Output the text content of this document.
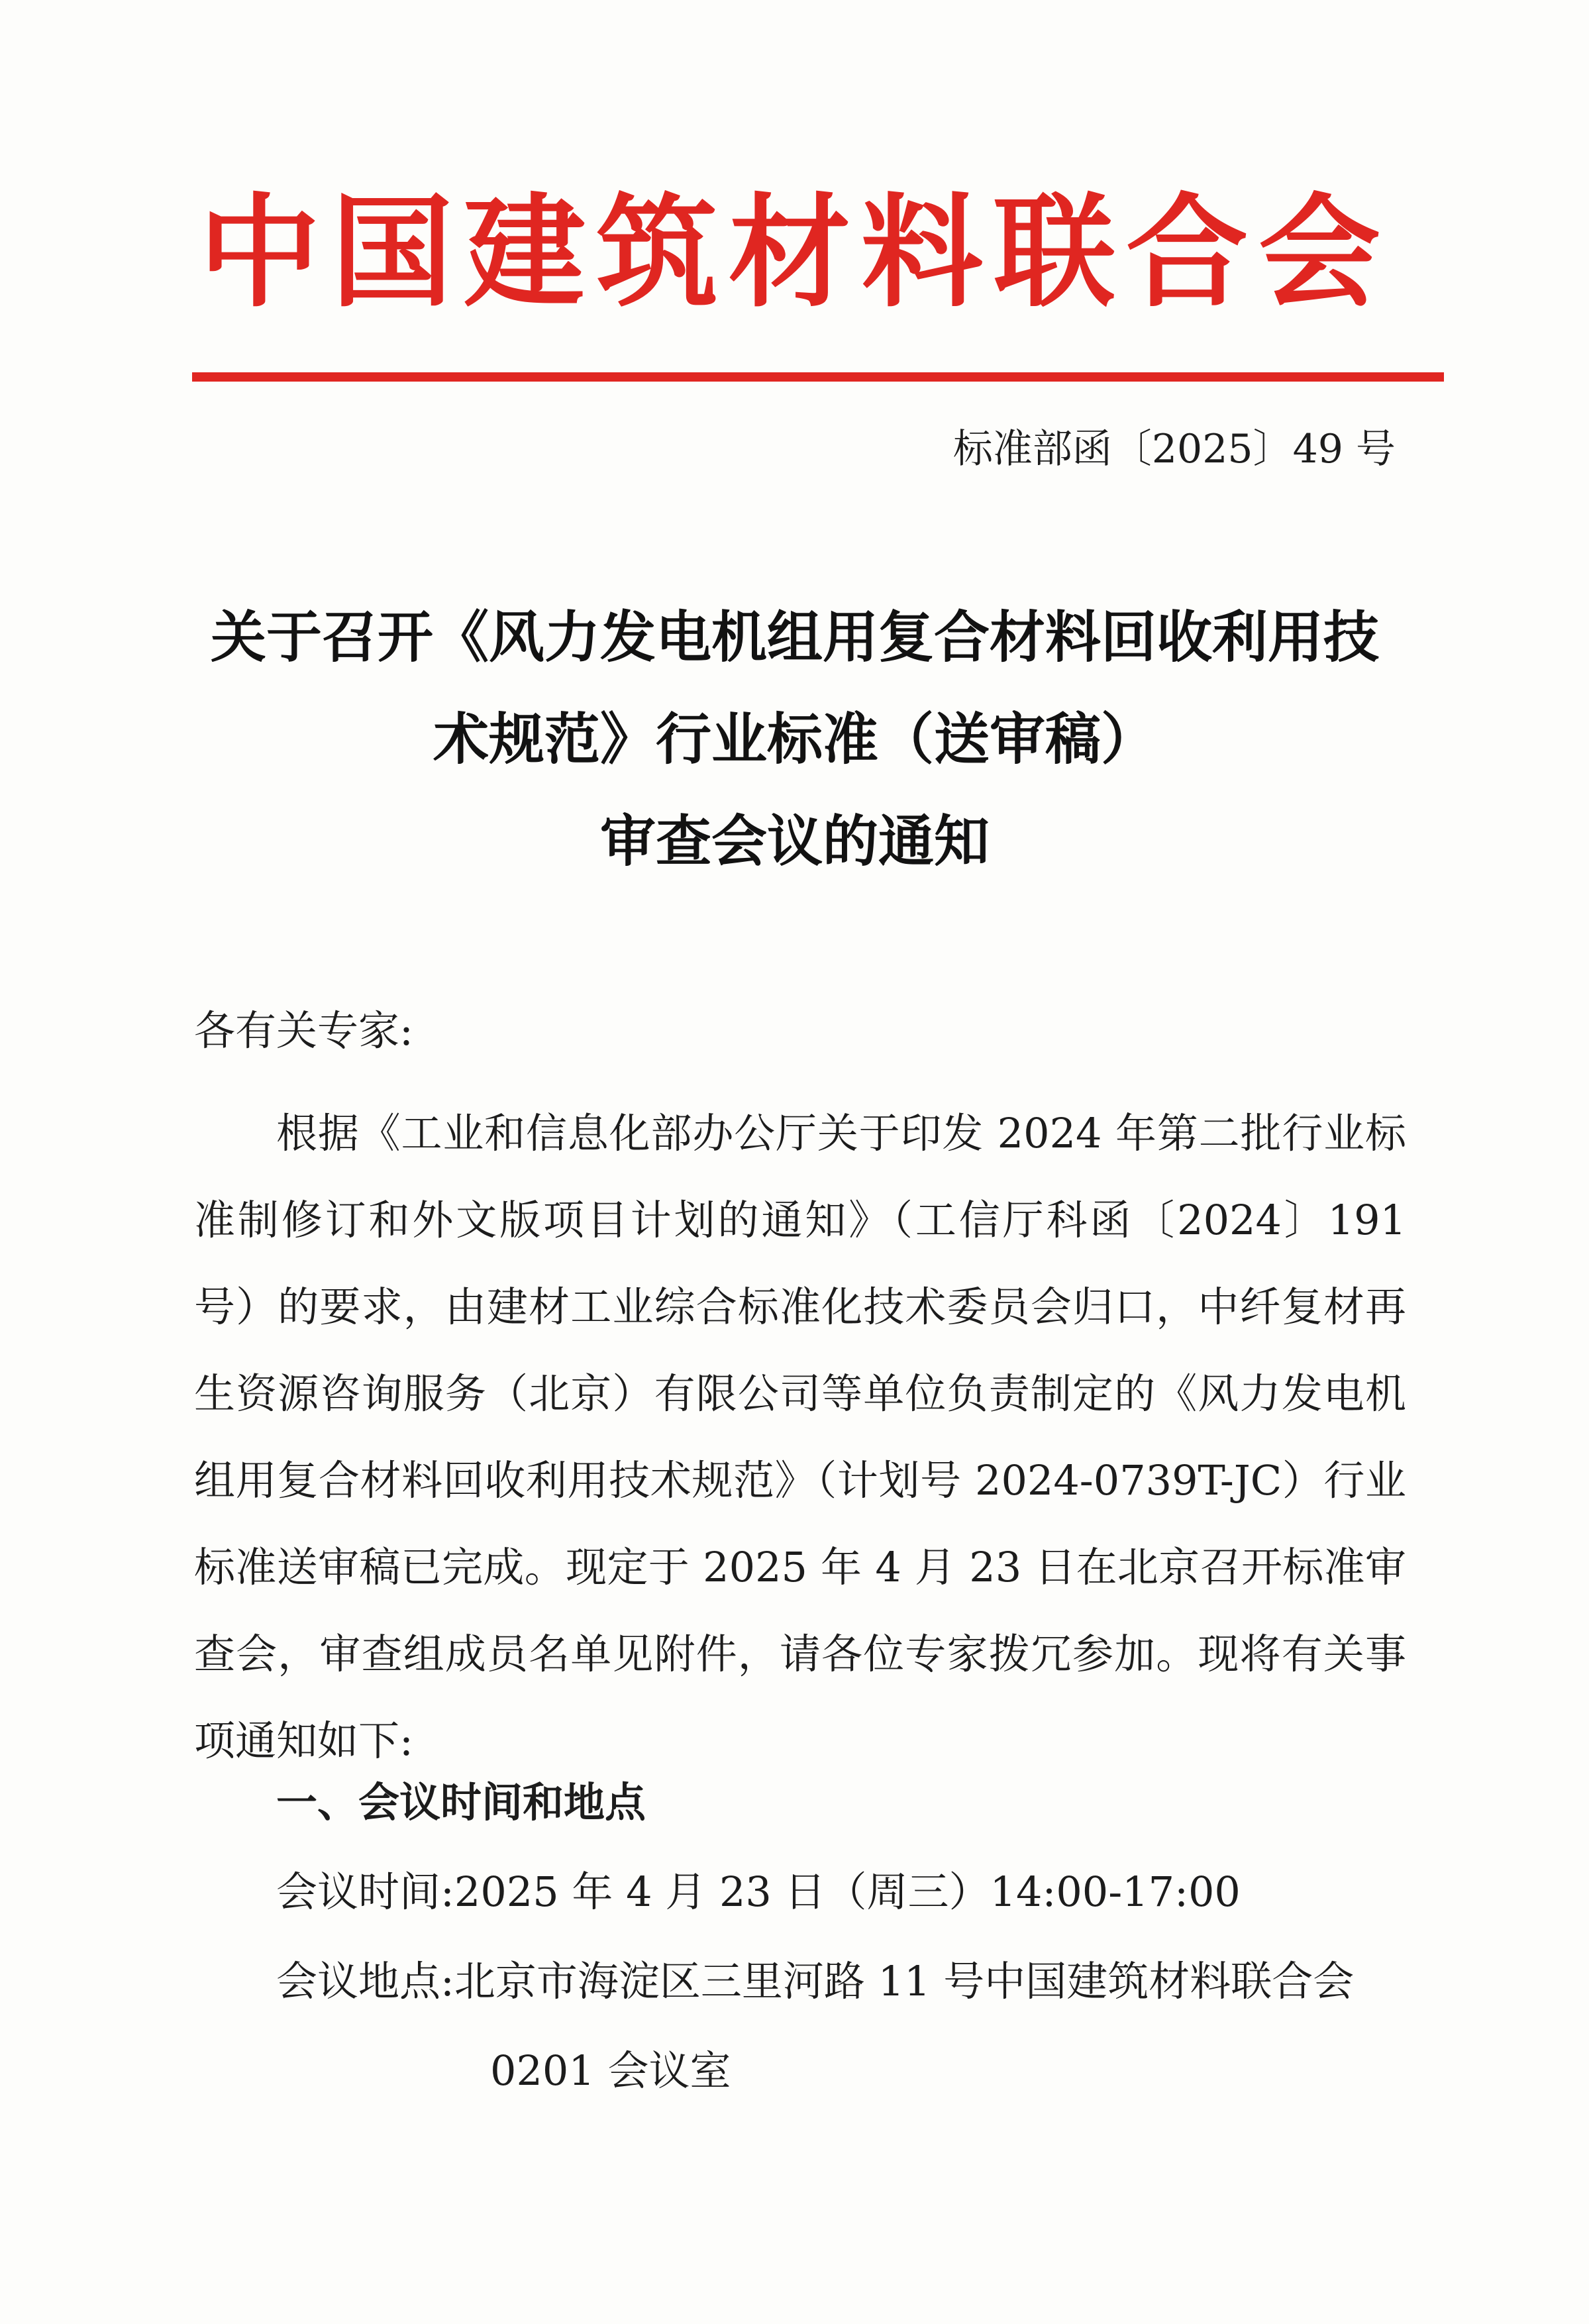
中国建筑材料联合会
标准部函〔2025〕49 号
关于召开《风力发电机组用复合材料回收利用技
术规范》行业标准（送审稿）
审查会议的通知
各有关专家:

根据《工业和信息化部办公厅关于印发 2024 年第二批行业标准制修订和外文版项目计划的通知》（工信厅科函〔2024〕191 号）的要求，由建材工业综合标准化技术委员会归口，中纤复材再生资源咨询服务（北京）有限公司等单位负责制定的《风力发电机组用复合材料回收利用技术规范》（计划号 2024-0739T-JC）行业标准送审稿已完成。现定于 2025 年 4 月 23 日在北京召开标准审查会，审查组成员名单见附件，请各位专家拨冗参加。现将有关事项通知如下:

一、会议时间和地点
会议时间:2025 年 4 月 23 日（周三）14:00-17:00
会议地点:北京市海淀区三里河路 11 号中国建筑材料联合会
0201 会议室
